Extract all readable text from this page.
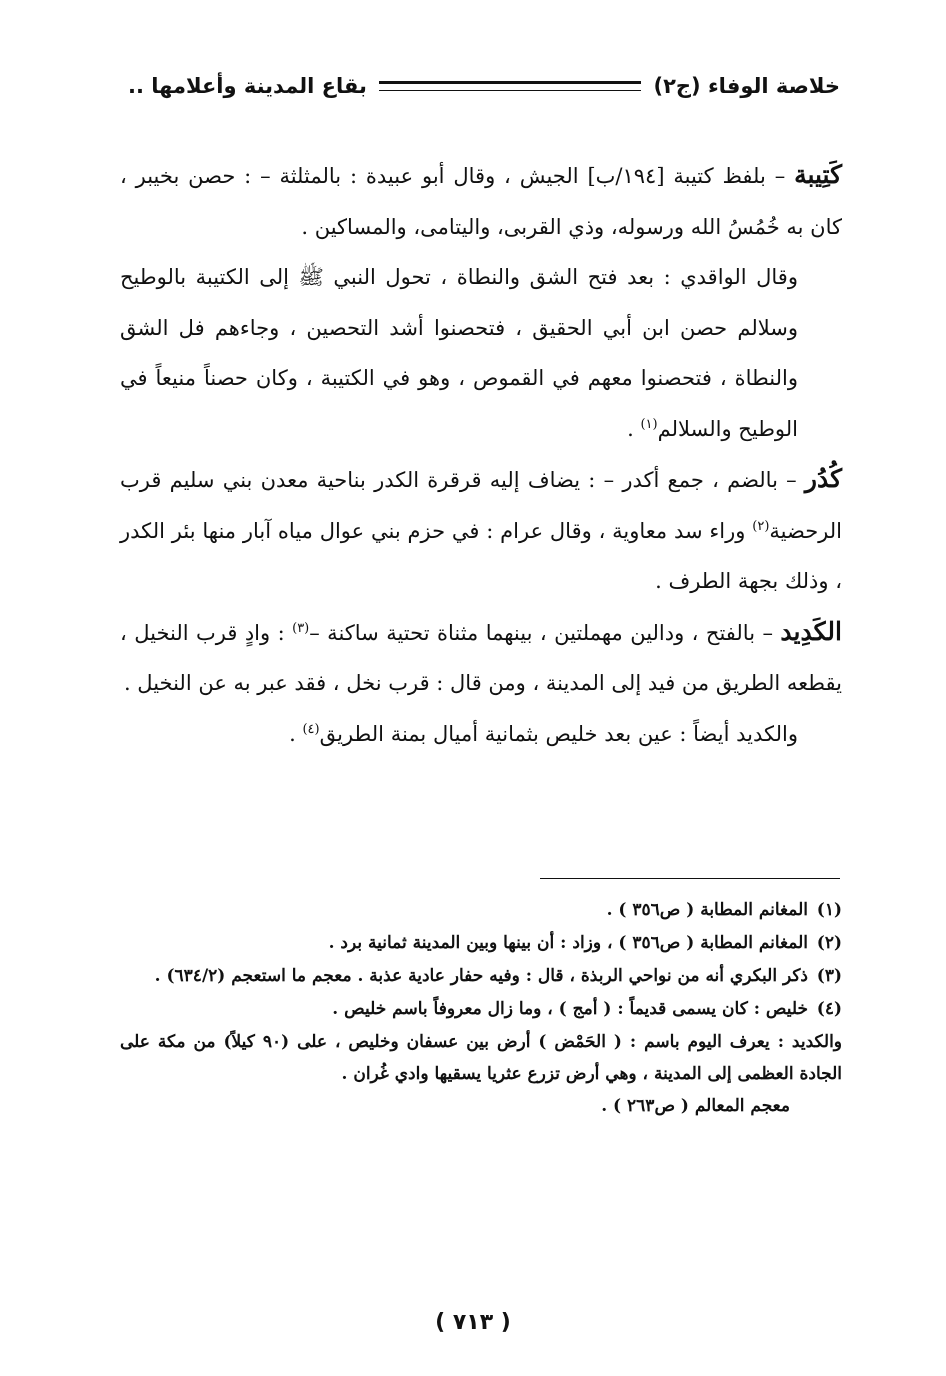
خلاصة الوفاء (ج٢)
بقاع المدينة وأعلامها ..

كَتِيبة – بلفظ كتيبة [١٩٤/ب] الجيش ، وقال أبو عبيدة : بالمثلثة – : حصن بخيبر ، كان به خُمُسُ الله ورسوله، وذي القربى، واليتامى، والمساكين .

وقال الواقدي : بعد فتح الشق والنطاة ، تحول النبي ﷺ إلى الكتيبة بالوطيح وسلالم حصن ابن أبي الحقيق ، فتحصنوا أشد التحصين ، وجاءهم فل الشق والنطاة ، فتحصنوا معهم في القموص ، وهو في الكتيبة ، وكان حصناً منيعاً في الوطيح والسلالم$^{(١)}$ .

كُدُر – بالضم ، جمع أكدر – : يضاف إليه قرقرة الكدر بناحية معدن بني سليم قرب الرحضية$^{(٢)}$ وراء سد معاوية ، وقال عرام : في حزم بني عوال مياه آبار منها بئر الكدر ، وذلك بجهة الطرف .

الكَدِيد – بالفتح ، ودالين مهملتين ، بينهما مثناة تحتية ساكنة –$^{(٣)}$ : وادٍ قرب النخيل ، يقطعه الطريق من فيد إلى المدينة ، ومن قال : قرب نخل ، فقد عبر به عن النخيل .

والكديد أيضاً : عين بعد خليص بثمانية أميال بمنة الطريق$^{(٤)}$ .

(١)
المغانم المطابة ( ص٣٥٦ ) .
(٢)
المغانم المطابة ( ص٣٥٦ ) ، وزاد : أن بينها وبين المدينة ثمانية برد .
(٣)
ذكر البكري أنه من نواحي الربذة ، قال : وفيه حفار عادية عذبة . معجم ما استعجم (٦٣٤/٢) .
(٤)
خليص : كان يسمى قديماً : ( أمج ) ، وما زال معروفاً باسم خليص .
والكديد : يعرف اليوم باسم : ( الحَمْض ) أرض بين عسفان وخليص ، على (٩٠ كيلاً) من مكة على الجادة العظمى إلى المدينة ، وهي أرض تزرع عثريا يسقيها وادي غُران .
معجم المعالم ( ص٢٦٣ ) .
( ٧١٣ )
